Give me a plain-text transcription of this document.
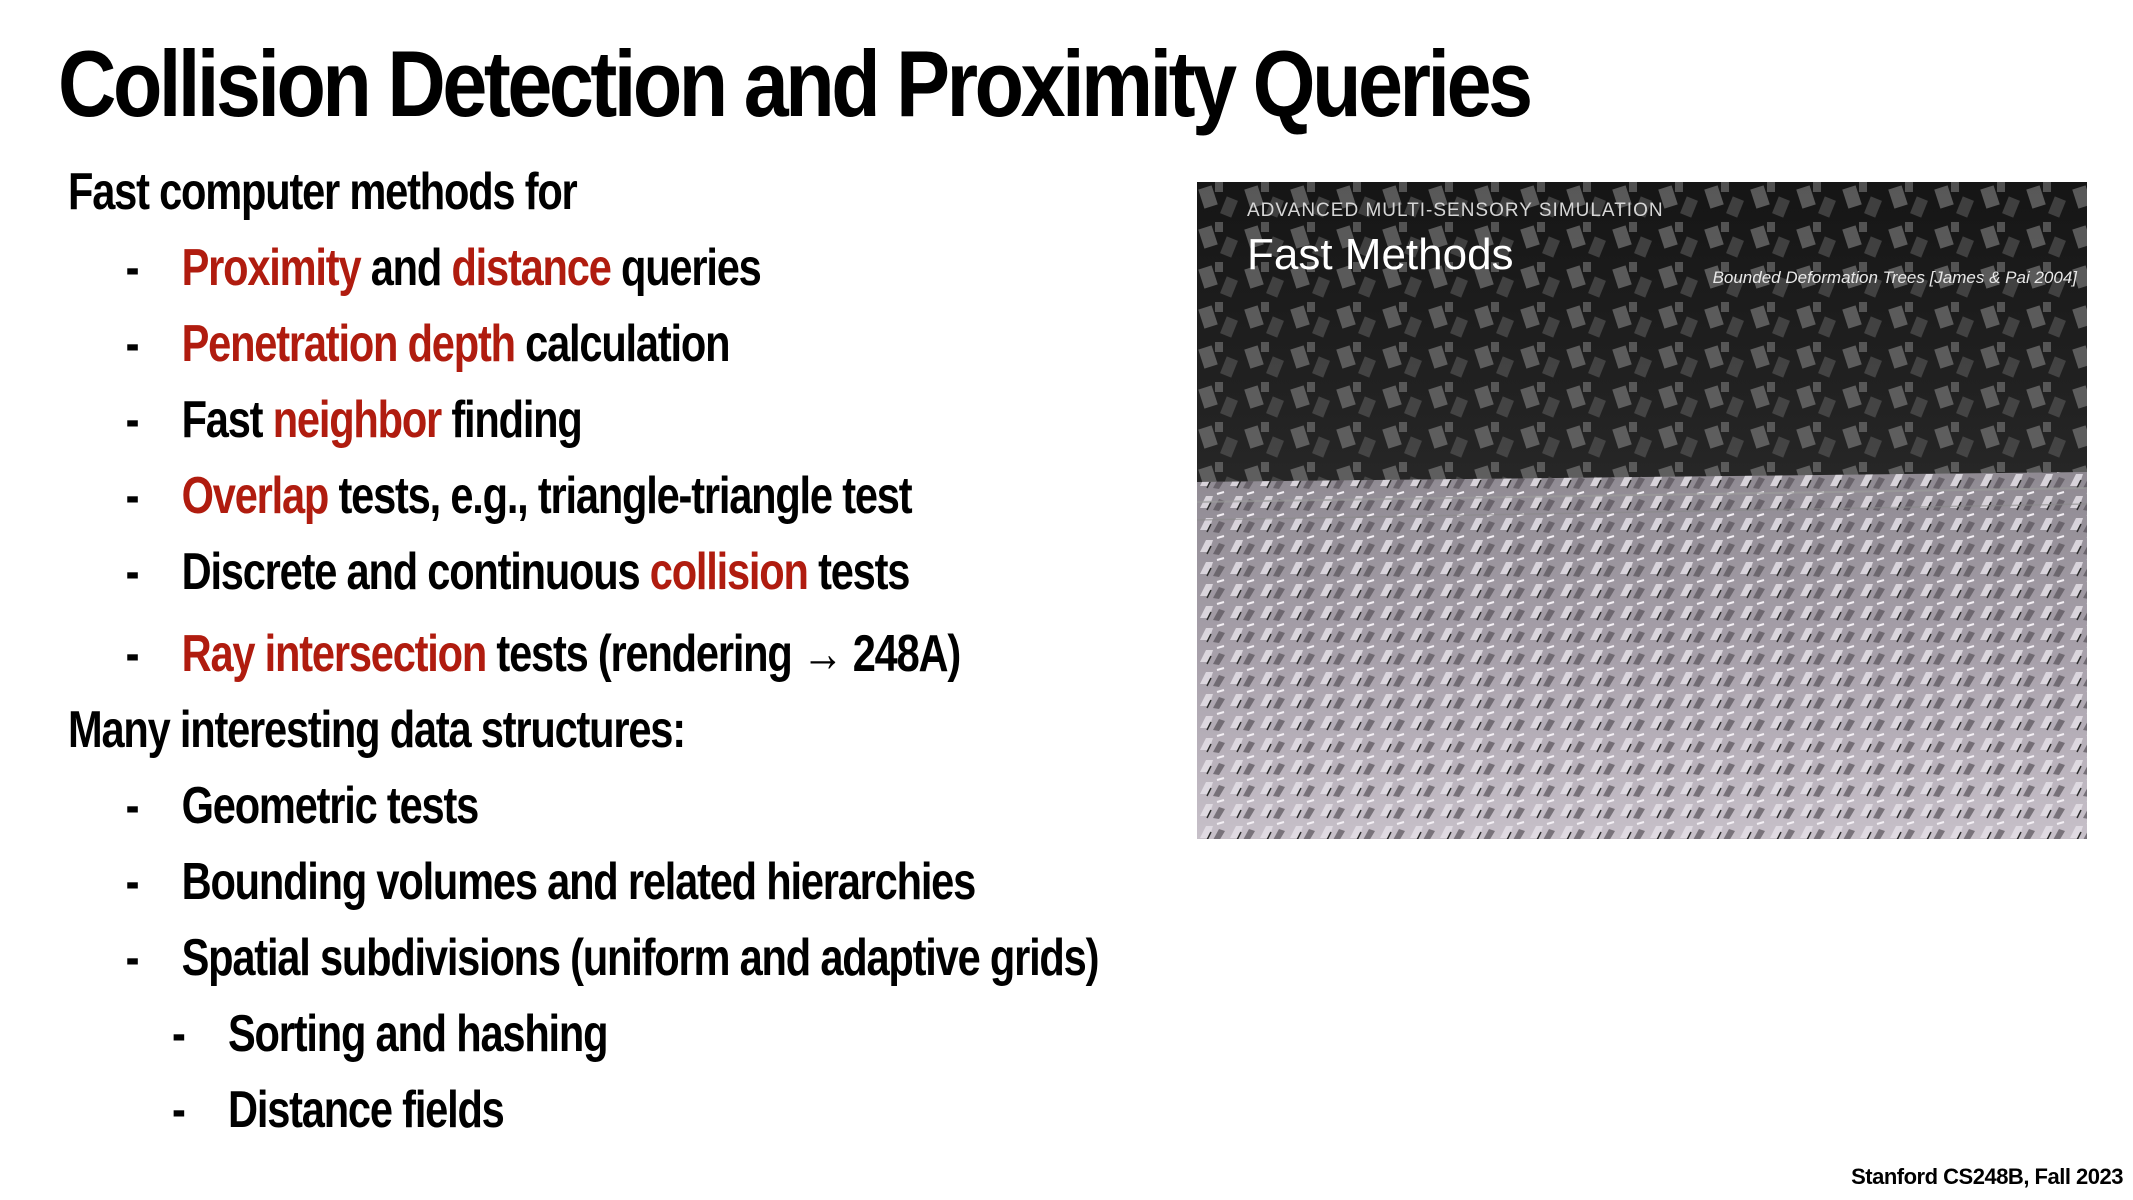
Collision Detection and Proximity Queries
Fast computer methods for
- Proximity and distance queries
- Penetration depth calculation
- Fast neighbor finding
- Overlap tests, e.g., triangle-triangle test
- Discrete and continuous collision tests
- Ray intersection tests (rendering → 248A)
Many interesting data structures:
- Geometric tests
- Bounding volumes and related hierarchies
- Spatial subdivisions (uniform and adaptive grids)
- Sorting and hashing
- Distance fields
ADVANCED MULTI-SENSORY SIMULATION
Fast Methods	Bounded Deformation Trees [James & Pai 2004]
Stanford CS248B, Fall 2023
